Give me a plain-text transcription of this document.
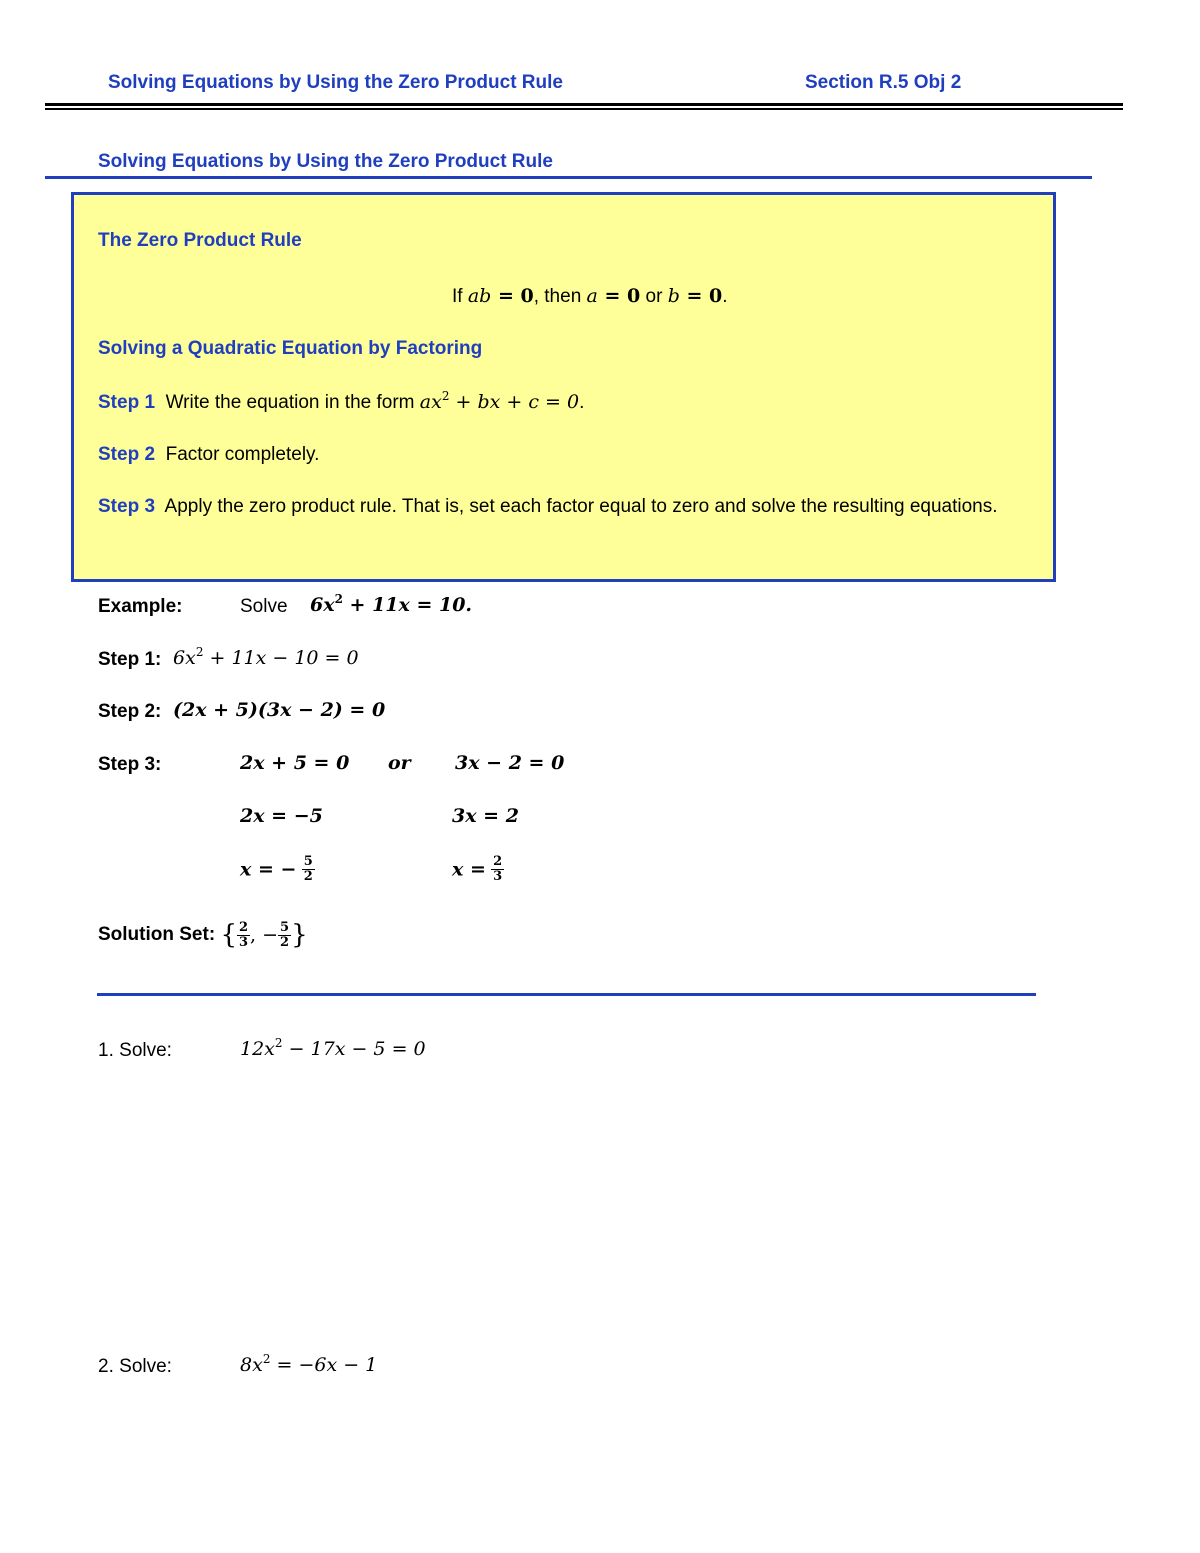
Solving Equations by Using the Zero Product Rule	Section R.5 Obj 2
Solving Equations by Using the Zero Product Rule
The Zero Product Rule
If ab = 0, then a = 0 or b = 0.
Solving a Quadratic Equation by Factoring
Step 1 Write the equation in the form $ax^2$ + bx + c = 0.
Step 2 Factor completely.
Step 3 Apply the zero product rule. That is, set each factor equal to zero and solve the resulting equations.
Example:	Solve $6x^2 + 11x = 10$.
Step 1: $6x^2 + 11x - 10 = 0$
Step 2: (2x + 5)(3x − 2) = 0
Step 3:	2x + 5 = 0 or 3x − 2 = 0
2x = −5	3x = 2
x = − $\frac{5}{2}$	$x = \frac{2}{3}$
Solution Set: { $\frac{2}{3}$ , − $\frac{5}{2}$ }
1. Solve:	$12x^2 - 17x - 5 = 0$
2. Solve:	$8x^2 = -6x - 1$
